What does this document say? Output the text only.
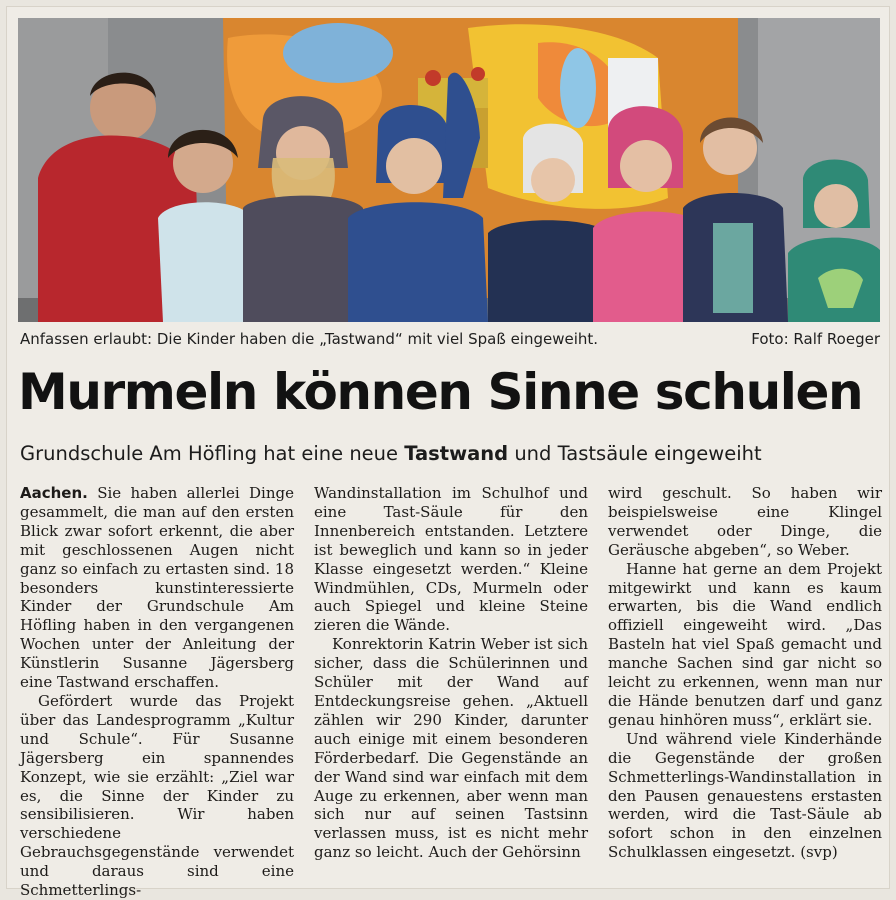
Anfassen erlaubt: Die Kinder haben die „Tastwand“ mit viel Spaß eingeweiht.	Foto: Ralf Roeger
Murmeln können Sinne schulen
Grundschule Am Höfling hat eine neue Tastwand und Tastsäule eingeweiht

Aachen. Sie haben allerlei Dinge gesammelt, die man auf den ersten Blick zwar sofort erkennt, die aber mit geschlossenen Augen nicht ganz so einfach zu ertasten sind. 18 besonders kunstinteressierte Kinder der Grundschule Am Höfling haben in den vergangenen Wochen unter der Anleitung der Künstlerin Susanne Jägersberg eine Tastwand erschaffen.

Gefördert wurde das Projekt über das Landesprogramm „Kultur und Schule“. Für Susanne Jägersberg ein spannendes Konzept, wie sie erzählt: „Ziel war es, die Sinne der Kinder zu sensibilisieren. Wir haben verschiedene Gebrauchsgegenstände verwendet und daraus sind eine Schmetterlings-

Wandinstallation im Schulhof und eine Tast-Säule für den Innenbereich entstanden. Letztere ist beweglich und kann so in jeder Klasse eingesetzt werden.“ Kleine Windmühlen, CDs, Murmeln oder auch Spiegel und kleine Steine zieren die Wände.

Konrektorin Katrin Weber ist sich sicher, dass die Schülerinnen und Schüler mit der Wand auf Entdeckungsreise gehen. „Aktuell zählen wir 290 Kinder, darunter auch einige mit einem besonderen Förderbedarf. Die Gegenstände an der Wand sind war einfach mit dem Auge zu erkennen, aber wenn man sich nur auf seinen Tastsinn verlassen muss, ist es nicht mehr ganz so leicht. Auch der Gehörsinn

wird geschult. So haben wir beispielsweise eine Klingel verwendet oder Dinge, die Geräusche abgeben“, so Weber.

Hanne hat gerne an dem Projekt mitgewirkt und kann es kaum erwarten, bis die Wand endlich offiziell eingeweiht wird. „Das Basteln hat viel Spaß gemacht und manche Sachen sind gar nicht so leicht zu erkennen, wenn man nur die Hände benutzen darf und ganz genau hinhören muss“, erklärt sie.

Und während viele Kinderhände die Gegenstände der großen Schmetterlings-Wandinstallation in den Pausen genauestens erstasten werden, wird die Tast-Säule ab sofort schon in den einzelnen Schulklassen eingesetzt. (svp)
